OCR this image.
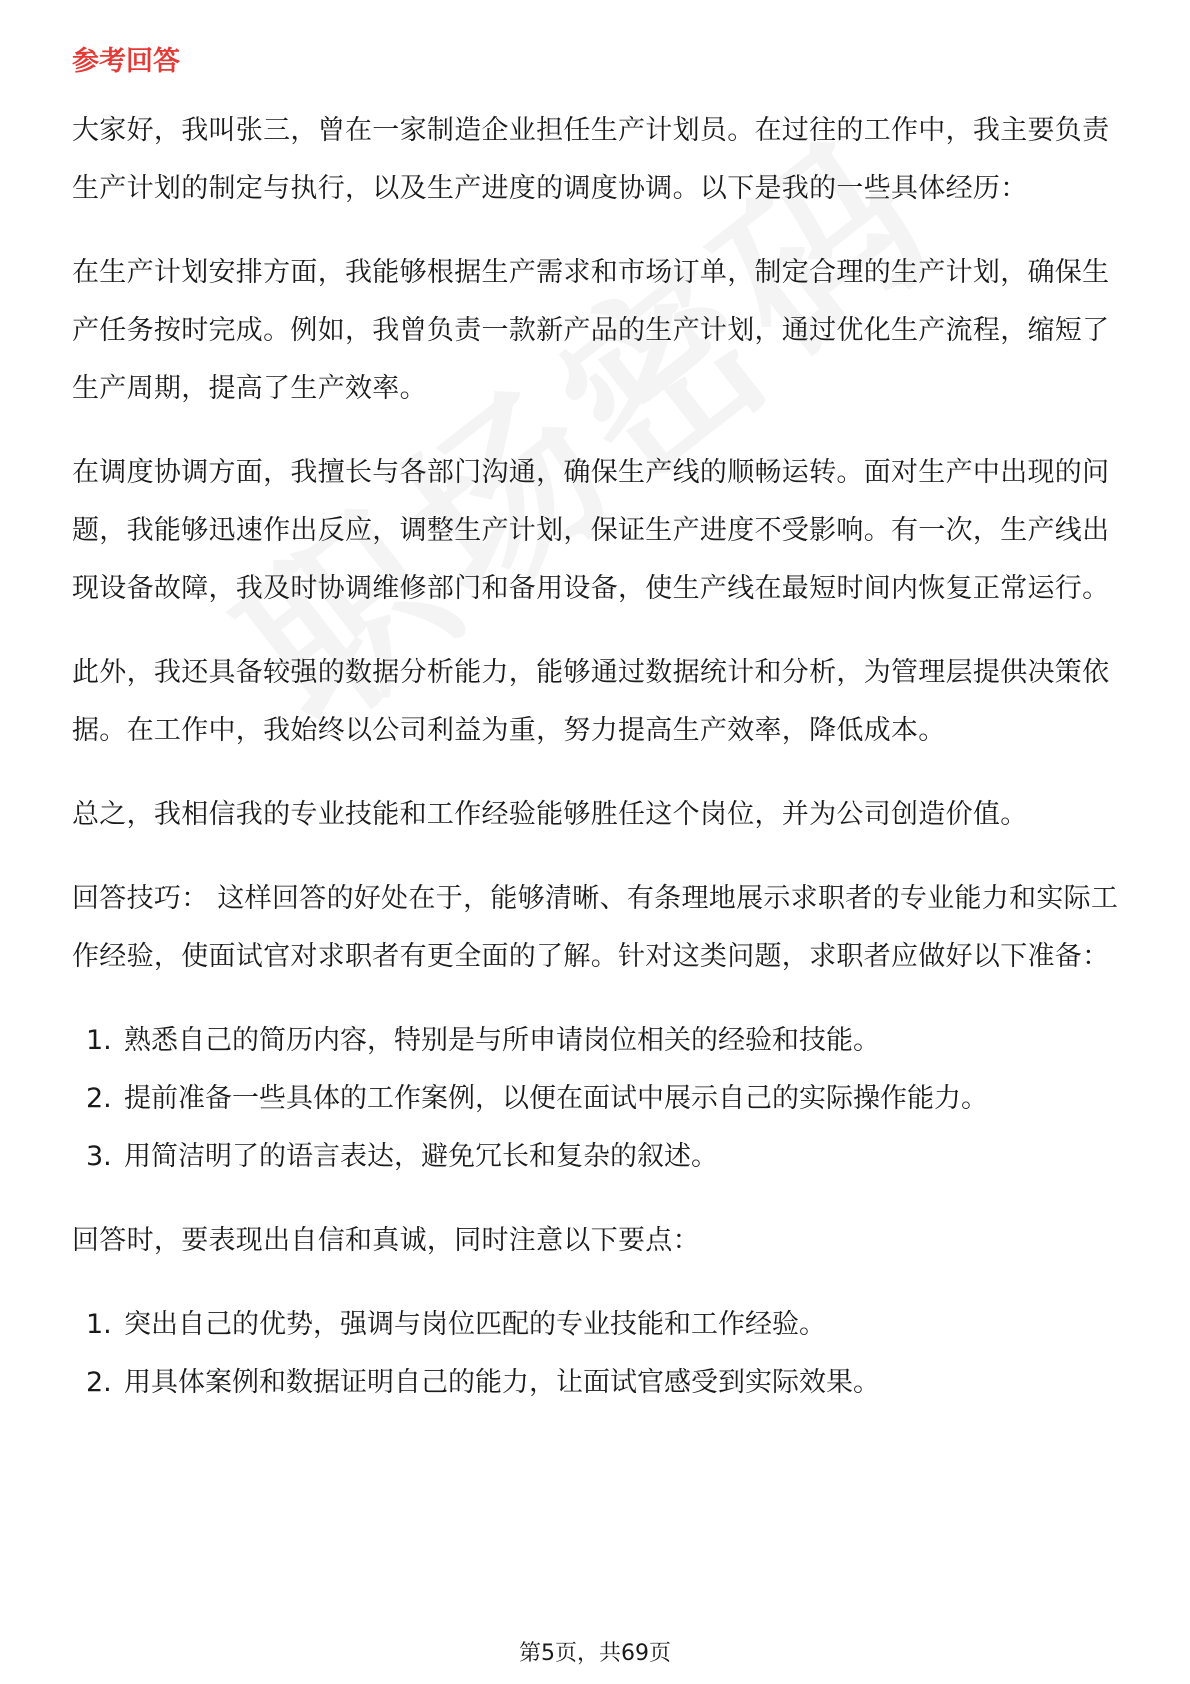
参考回答

大家好，我叫张三，曾在一家制造企业担任生产计划员。在过往的工作中，我主要负责生产计划的制定与执行，以及生产进度的调度协调。以下是我的一些具体经历：

在生产计划安排方面，我能够根据生产需求和市场订单，制定合理的生产计划，确保生产任务按时完成。例如，我曾负责一款新产品的生产计划，通过优化生产流程，缩短了生产周期，提高了生产效率。

在调度协调方面，我擅长与各部门沟通，确保生产线的顺畅运转。面对生产中出现的问题，我能够迅速作出反应，调整生产计划，保证生产进度不受影响。有一次，生产线出现设备故障，我及时协调维修部门和备用设备，使生产线在最短时间内恢复正常运行。

此外，我还具备较强的数据分析能力，能够通过数据统计和分析，为管理层提供决策依据。在工作中，我始终以公司利益为重，努力提高生产效率，降低成本。

总之，我相信我的专业技能和工作经验能够胜任这个岗位，并为公司创造价值。

回答技巧： 这样回答的好处在于，能够清晰、有条理地展示求职者的专业能力和实际工作经验，使面试官对求职者有更全面的了解。针对这类问题，求职者应做好以下准备：

1. 熟悉自己的简历内容，特别是与所申请岗位相关的经验和技能。
2. 提前准备一些具体的工作案例，以便在面试中展示自己的实际操作能力。
3. 用简洁明了的语言表达，避免冗长和复杂的叙述。

回答时，要表现出自信和真诚，同时注意以下要点：

1. 突出自己的优势，强调与岗位匹配的专业技能和工作经验。
2. 用具体案例和数据证明自己的能力，让面试官感受到实际效果。
第5页，共69页
